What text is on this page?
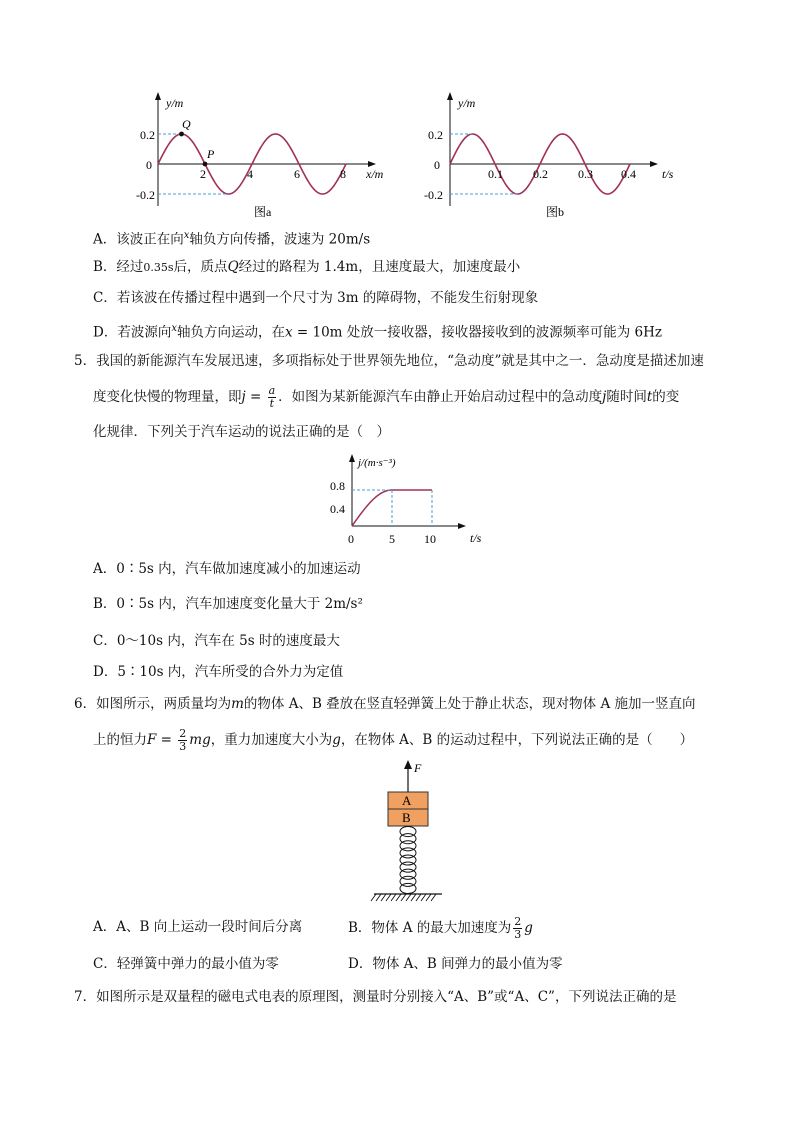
y/m
x/m
0.2
0
-0.2
2	4	6	8
Q
P
图a
y/m
t/s
0.2
0
-0.2
0.1	0.2	0.3 0.4
图b
A．该波正在向$^x$轴负方向传播，波速为 20m/s
B．经过0.35s后，质点Q经过的路程为 1.4m，且速度最大，加速度最小
C．若该波在传播过程中遇到一个尺寸为 3m 的障碍物，不能发生衍射现象
D．若波源向$^x$轴负方向运动，在x = 10m 处放一接收器，接收器接收到的波源频率可能为 6Hz
5．我国的新能源汽车发展迅速，多项指标处于世界领先地位，“急动度”就是其中之一．急动度是描述加速
度变化快慢的物理量，即$j = \frac{a}{t}$ ．如图为某新能源汽车由静止开始启动过程中的急动度j随时间t的变
化规律．下列关于汽车运动的说法正确的是（　）
j/(m·s⁻³)
t/s
0.8
0.4
0	5 10
A．0∶5s 内，汽车做加速度减小的加速运动
B．0∶5s 内，汽车加速度变化量大于 2m/s²
C．0～10s 内，汽车在 5s 时的速度最大
D．5∶10s 内，汽车所受的合外力为定值
6．如图所示，两质量均为m的物体 A、B 叠放在竖直轻弹簧上处于静止状态，现对物体 A 施加一竖直向
上的恒力$F = \frac{2}{3}$ mg，重力加速度大小为g，在物体 A、B 的运动过程中，下列说法正确的是（　　）
F
A
B
A．A、B 向上运动一段时间后分离	B．物体 A 的最大加速度为 $\frac{2}{3}$ g
C．轻弹簧中弹力的最小值为零	D．物体 A、B 间弹力的最小值为零
7．如图所示是双量程的磁电式电表的原理图，测量时分别接入“A、B”或“A、C”，下列说法正确的是
